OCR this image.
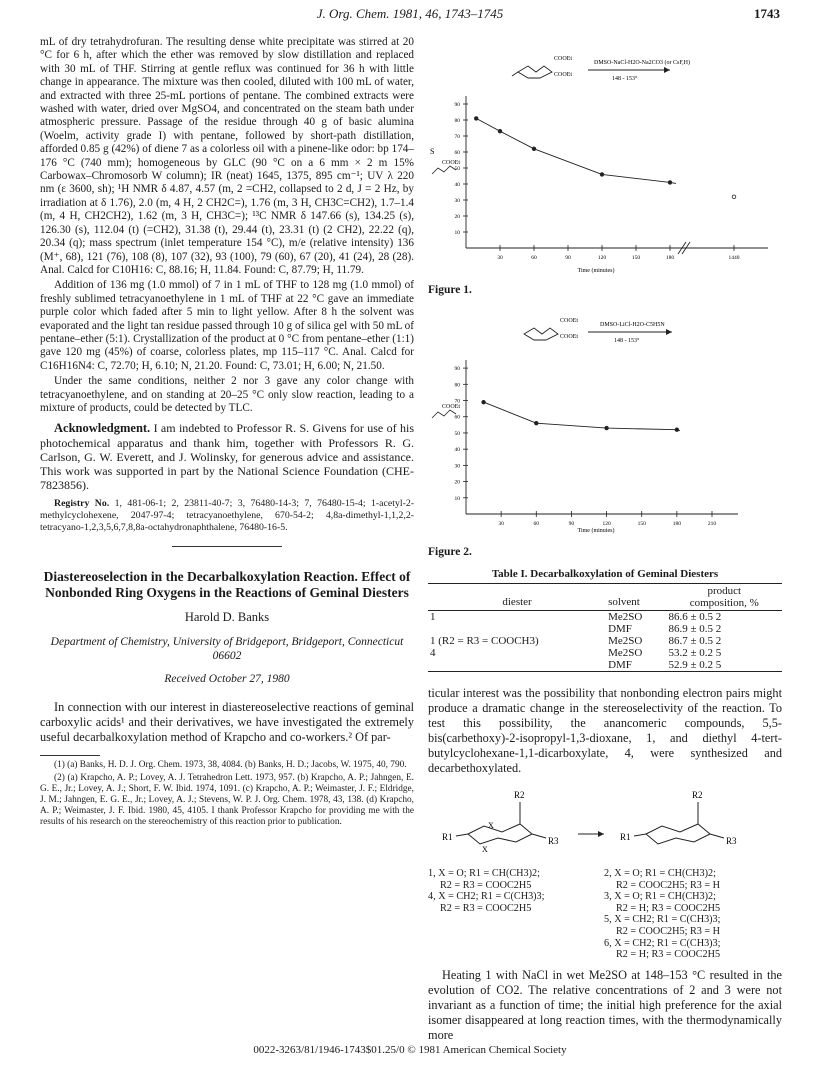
J. Org. Chem. 1981, 46, 1743–1745	1743

mL of dry tetrahydrofuran. The resulting dense white precipitate was stirred at 20 °C for 6 h, after which the ether was removed by slow distillation and replaced with 30 mL of THF. Stirring at gentle reflux was continued for 36 h with little change in appearance. The mixture was then cooled, diluted with 100 mL of water, and extracted with three 25-mL portions of pentane. The combined extracts were washed with water, dried over MgSO4, and concentrated on the steam bath under atmospheric pressure. Passage of the residue through 40 g of basic alumina (Woelm, activity grade I) with pentane, followed by short-path distillation, afforded 0.85 g (42%) of diene 7 as a colorless oil with a pinene-like odor: bp 174–176 °C (740 mm); homogeneous by GLC (90 °C on a 6 mm × 2 m 15% Carbowax–Chromosorb W column); IR (neat) 1645, 1375, 895 cm⁻¹; UV λ 220 nm (ε 3600, sh); ¹H NMR δ 4.87, 4.57 (m, 2 =CH2, collapsed to 2 d, J = 2 Hz, by irradiation at δ 1.76), 2.0 (m, 4 H, 2 CH2C=), 1.76 (m, 3 H, CH3C=CH2), 1.7–1.4 (m, 4 H, CH2CH2), 1.62 (m, 3 H, CH3C=); ¹³C NMR δ 147.66 (s), 134.25 (s), 126.30 (s), 112.04 (t) (=CH2), 31.38 (t), 29.44 (t), 23.31 (t) (2 CH2), 22.22 (q), 20.34 (q); mass spectrum (inlet temperature 154 °C), m/e (relative intensity) 136 (M⁺, 68), 121 (76), 108 (8), 107 (32), 93 (100), 79 (60), 67 (20), 41 (24), 28 (28). Anal. Calcd for C10H16: C, 88.16; H, 11.84. Found: C, 87.79; H, 11.79.

Addition of 136 mg (1.0 mmol) of 7 in 1 mL of THF to 128 mg (1.0 mmol) of freshly sublimed tetracyanoethylene in 1 mL of THF at 22 °C gave an immediate purple color which faded after 5 min to light yellow. After 8 h the solvent was evaporated and the light tan residue passed through 10 g of silica gel with 50 mL of pentane–ether (5:1). Crystallization of the product at 0 °C from pentane–ether (1:1) gave 120 mg (45%) of coarse, colorless plates, mp 115–117 °C. Anal. Calcd for C16H16N4: C, 72.70; H, 6.10; N, 21.20. Found: C, 73.01; H, 6.00; N, 21.50.

Under the same conditions, neither 2 nor 3 gave any color change with tetracyanoethylene, and on standing at 20–25 °C only slow reaction, leading to a mixture of products, could be detected by TLC.

Acknowledgment. I am indebted to Professor R. S. Givens for use of his photochemical apparatus and thank him, together with Professors R. G. Carlson, G. W. Everett, and J. Wolinsky, for generous advice and assistance. This work was supported in part by the National Science Foundation (CHE-7823856).

Registry No. 1, 481-06-1; 2, 23811-40-7; 3, 76480-14-3; 7, 76480-15-4; 1-acetyl-2-methylcyclohexene, 2047-97-4; tetracyanoethylene, 670-54-2; 4,8a-dimethyl-1,1,2,2-tetracyano-1,2,3,5,6,7,8,8a-octahydronaphthalene, 76480-16-5.

Diastereoselection in the Decarbalkoxylation Reaction. Effect of Nonbonded Ring Oxygens in the Reactions of Geminal Diesters
Harold D. Banks
Department of Chemistry, University of Bridgeport, Bridgeport, Connecticut 06602
Received October 27, 1980

In connection with our interest in diastereoselective reactions of geminal carboxylic acids¹ and their derivatives, we have investigated the extremely useful decarbalkoxylation method of Krapcho and co-workers.² Of par-

(1) (a) Banks, H. D. J. Org. Chem. 1973, 38, 4084. (b) Banks, H. D.; Jacobs, W. 1975, 40, 790.

(2) (a) Krapcho, A. P.; Lovey, A. J. Tetrahedron Lett. 1973, 957. (b) Krapcho, A. P.; Jahngen, E. G. E., Jr.; Lovey, A. J.; Short, F. W. Ibid. 1974, 1091. (c) Krapcho, A. P.; Weimaster, J. F.; Eldridge, J. M.; Jahngen, E. G. E., Jr.; Lovey, A. J.; Stevens, W. P. J. Org. Chem. 1978, 43, 138. (d) Krapcho, A. P.; Weimaster, J. F. Ibid. 1980, 45, 4105. I thank Professor Krapcho for providing me with the results of his research on the stereochemistry of this reaction prior to publication.

COOEt
COOEt
DMSO-NaCl-H2O-Na2CO3 (or CsF,H)
148 - 153°
S
COOEt
10
20
30
40
50
60
70
80
90
30	60	90	120	150	180	1440
Time (minutes)
Figure 1.
COOEt
COOEt
DMSO-LiCl-H2O-C5H5N
148 - 153°
COOEt
10
20
30
40
50
60
70
80
90
30	60	90	120	150	180	210
Time (minutes)
Figure 2.
Table I. Decarbalkoxylation of Geminal Diesters
diester	solvent	product
composition, %

1	Me2SO	86.6 ± 0.5 2
	DMF	86.9 ± 0.5 2
1 (R2 = R3 = COOCH3)	Me2SO	86.7 ± 0.5 2
4	Me2SO	53.2 ± 0.2 5
	DMF	52.9 ± 0.2 5

ticular interest was the possibility that nonbonding electron pairs might produce a dramatic change in the stereoselectivity of the reaction. To test this possibility, the anancomeric compounds, 5,5-bis(carbethoxy)-2-isopropyl-1,3-dioxane, 1, and diethyl 4-tert-butylcyclohexane-1,1-dicarboxylate, 4, were synthesized and decarbethoxylated.

R1
R2
R3
X
X
R1
R2
R3
1, X = O; R1 = CH(CH3)2;
R2 = R3 = COOC2H5
4, X = CH2; R1 = C(CH3)3;
R2 = R3 = COOC2H5
2, X = O; R1 = CH(CH3)2;
R2 = COOC2H5; R3 = H
3, X = O; R1 = CH(CH3)2;
R2 = H; R3 = COOC2H5
5, X = CH2; R1 = C(CH3)3;
R2 = COOC2H5; R3 = H
6, X = CH2; R1 = C(CH3)3;
R2 = H; R3 = COOC2H5

Heating 1 with NaCl in wet Me2SO at 148–153 °C resulted in the evolution of CO2. The relative concentrations of 2 and 3 were not invariant as a function of time; the initial high preference for the axial isomer disappeared at long reaction times, with the thermodynamically more

0022-3263/81/1946-1743$01.25/0 © 1981 American Chemical Society
